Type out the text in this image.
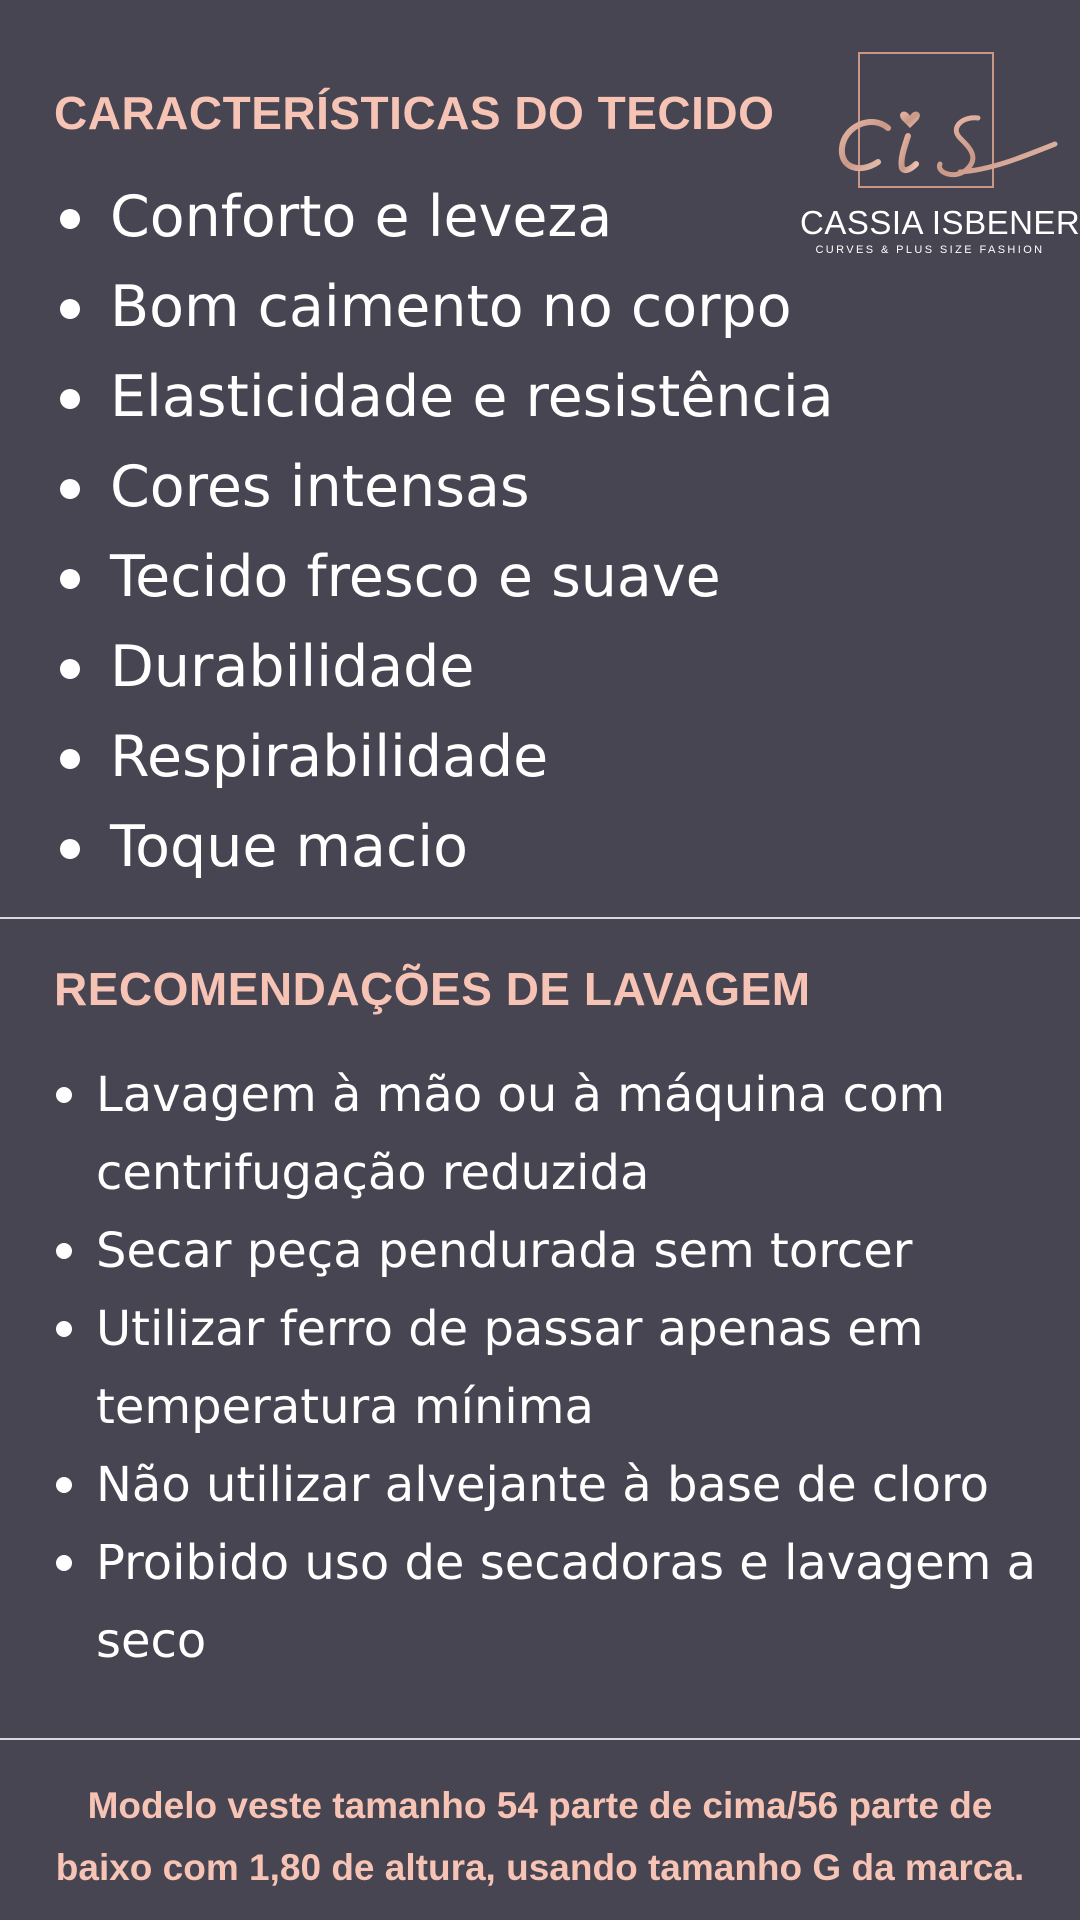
CASSIA ISBENER
CURVES & PLUS SIZE FASHION
CARACTERÍSTICAS DO TECIDO
Conforto e leveza
Bom caimento no corpo
Elasticidade e resistência
Cores intensas
Tecido fresco e suave
Durabilidade
Respirabilidade
Toque macio
RECOMENDAÇÕES DE LAVAGEM
Lavagem à mão ou à máquina com centrifugação reduzida
Secar peça pendurada sem torcer
Utilizar ferro de passar apenas em temperatura mínima
Não utilizar alvejante à base de cloro
Proibido uso de secadoras e lavagem a seco

Modelo veste tamanho 54 parte de cima/56 parte de
baixo com 1,80 de altura, usando tamanho G da marca.
